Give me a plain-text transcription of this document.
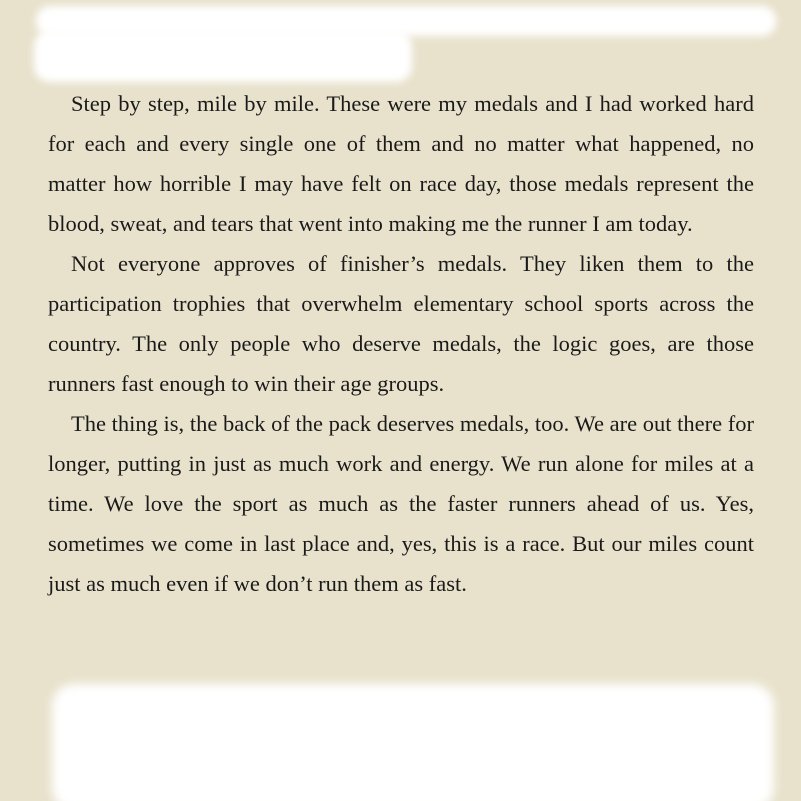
Step by step, mile by mile. These were my medals and I had worked hard for each and every single one of them and no matter what happened, no matter how horrible I may have felt on race day, those medals represent the blood, sweat, and tears that went into making me the runner I am today.

Not everyone approves of finisher’s medals. They liken them to the participation trophies that overwhelm elementary school sports across the country. The only people who deserve medals, the logic goes, are those runners fast enough to win their age groups.

The thing is, the back of the pack deserves medals, too. We are out there for longer, putting in just as much work and energy. We run alone for miles at a time. We love the sport as much as the faster runners ahead of us. Yes, sometimes we come in last place and, yes, this is a race. But our miles count just as much even if we don’t run them as fast.
